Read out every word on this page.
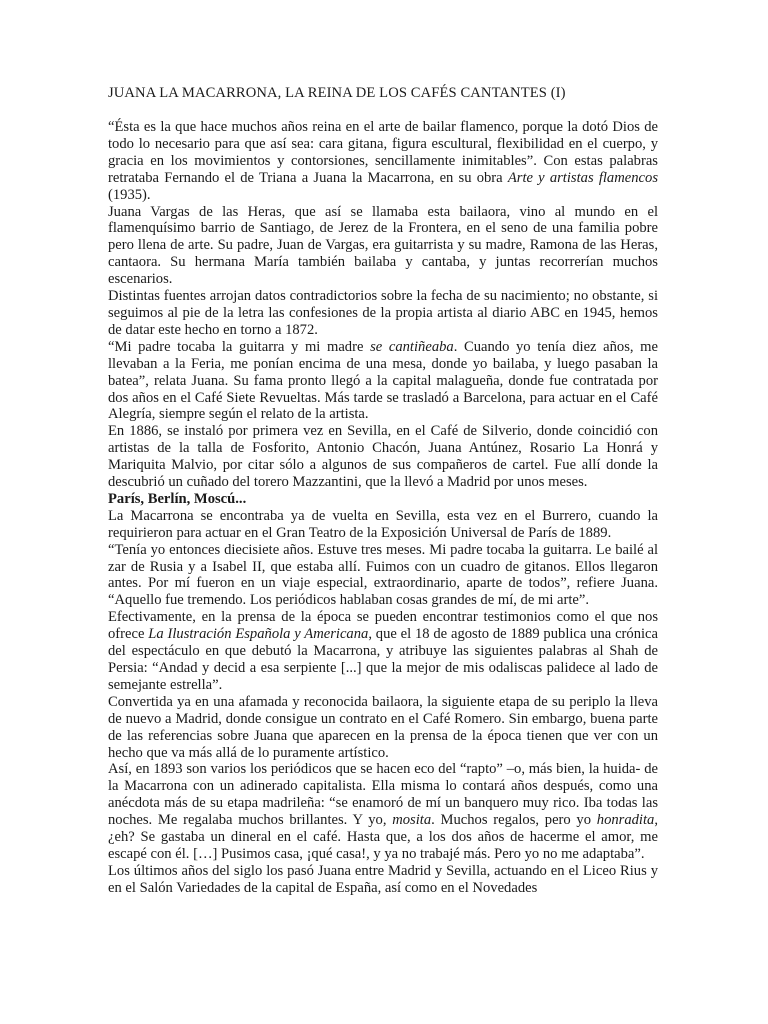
JUANA LA MACARRONA, LA REINA DE LOS CAFÉS CANTANTES (I)

“Ésta es la que hace muchos años reina en el arte de bailar flamenco, porque la dotó Dios de todo lo necesario para que así sea: cara gitana, figura escultural, flexibilidad en el cuerpo, y gracia en los movimientos y contorsiones, sencillamente inimitables”. Con estas palabras retrataba Fernando el de Triana a Juana la Macarrona, en su obra Arte y artistas flamencos (1935).

Juana Vargas de las Heras, que así se llamaba esta bailaora, vino al mundo en el flamenquísimo barrio de Santiago, de Jerez de la Frontera, en el seno de una familia pobre pero llena de arte. Su padre, Juan de Vargas, era guitarrista y su madre, Ramona de las Heras, cantaora. Su hermana María también bailaba y cantaba, y juntas recorrerían muchos escenarios.

Distintas fuentes arrojan datos contradictorios sobre la fecha de su nacimiento; no obstante, si seguimos al pie de la letra las confesiones de la propia artista al diario ABC en 1945, hemos de datar este hecho en torno a 1872.

“Mi padre tocaba la guitarra y mi madre se cantiñeaba. Cuando yo tenía diez años, me llevaban a la Feria, me ponían encima de una mesa, donde yo bailaba, y luego pasaban la batea”, relata Juana. Su fama pronto llegó a la capital malagueña, donde fue contratada por dos años en el Café Siete Revueltas. Más tarde se trasladó a Barcelona, para actuar en el Café Alegría, siempre según el relato de la artista.

En 1886, se instaló por primera vez en Sevilla, en el Café de Silverio, donde coincidió con artistas de la talla de Fosforito, Antonio Chacón, Juana Antúnez, Rosario La Honrá y Mariquita Malvio, por citar sólo a algunos de sus compañeros de cartel. Fue allí donde la descubrió un cuñado del torero Mazzantini, que la llevó a Madrid por unos meses.

París, Berlín, Moscú...

La Macarrona se encontraba ya de vuelta en Sevilla, esta vez en el Burrero, cuando la requirieron para actuar en el Gran Teatro de la Exposición Universal de París de 1889.

“Tenía yo entonces diecisiete años. Estuve tres meses. Mi padre tocaba la guitarra. Le bailé al zar de Rusia y a Isabel II, que estaba allí. Fuimos con un cuadro de gitanos. Ellos llegaron antes. Por mí fueron en un viaje especial, extraordinario, aparte de todos”, refiere Juana. “Aquello fue tremendo. Los periódicos hablaban cosas grandes de mí, de mi arte”.

Efectivamente, en la prensa de la época se pueden encontrar testimonios como el que nos ofrece La Ilustración Española y Americana, que el 18 de agosto de 1889 publica una crónica del espectáculo en que debutó la Macarrona, y atribuye las siguientes palabras al Shah de Persia: “Andad y decid a esa serpiente [...] que la mejor de mis odaliscas palidece al lado de semejante estrella”.

Convertida ya en una afamada y reconocida bailaora, la siguiente etapa de su periplo la lleva de nuevo a Madrid, donde consigue un contrato en el Café Romero. Sin embargo, buena parte de las referencias sobre Juana que aparecen en la prensa de la época tienen que ver con un hecho que va más allá de lo puramente artístico.

Así, en 1893 son varios los periódicos que se hacen eco del “rapto” –o, más bien, la huida- de la Macarrona con un adinerado capitalista. Ella misma lo contará años después, como una anécdota más de su etapa madrileña: “se enamoró de mí un banquero muy rico. Iba todas las noches. Me regalaba muchos brillantes. Y yo, mosita. Muchos regalos, pero yo honradita, ¿eh? Se gastaba un dineral en el café. Hasta que, a los dos años de hacerme el amor, me escapé con él. […] Pusimos casa, ¡qué casa!, y ya no trabajé más. Pero yo no me adaptaba”.

Los últimos años del siglo los pasó Juana entre Madrid y Sevilla, actuando en el Liceo Rius y en el Salón Variedades de la capital de España, así como en el Novedades
